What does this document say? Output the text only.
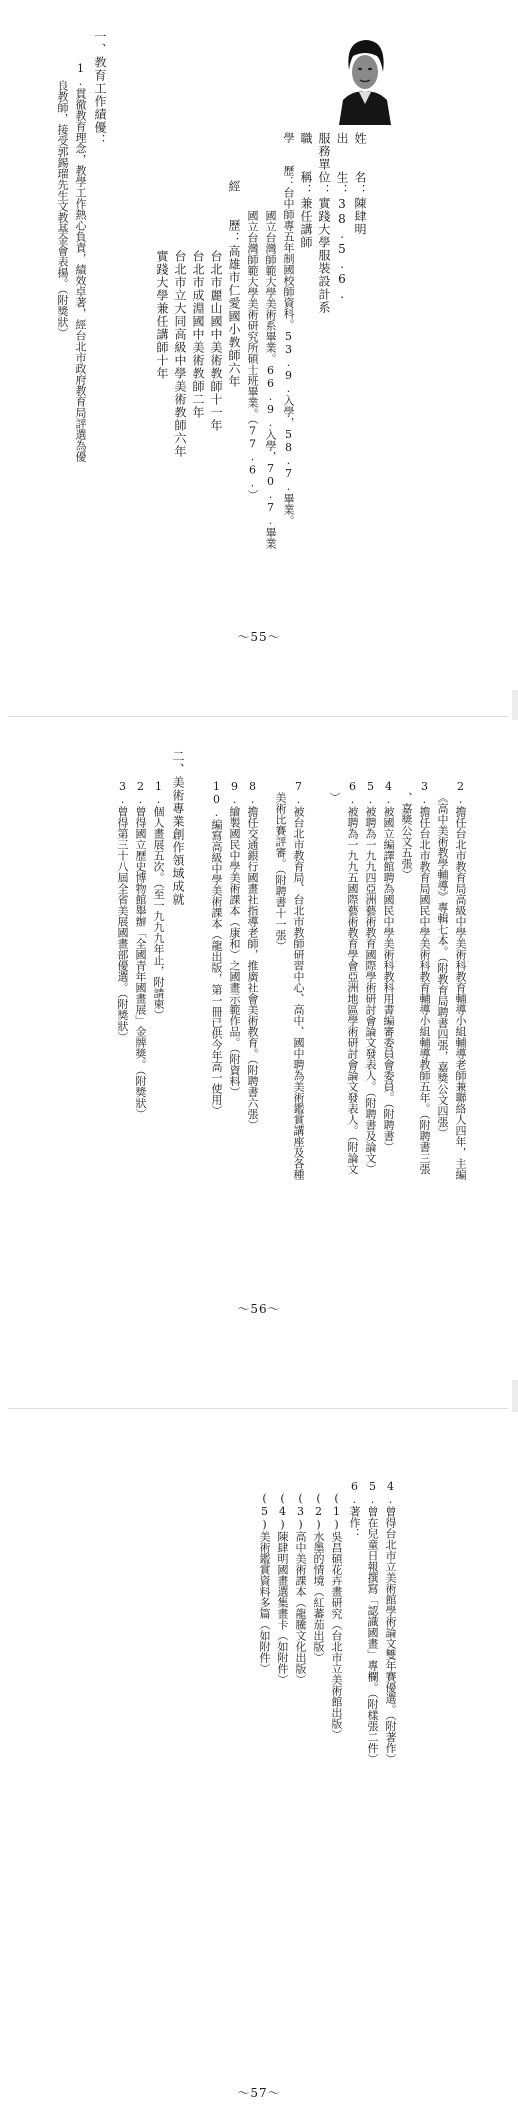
姓　　名：陳肆明
出　　生：38.5.6.
服務單位：實踐大學服裝設計系
職　　稱：兼任講師
學　　歷：台中師專五年制國校師資科。53.9.入學，58.7.畢業。
國立台灣師範大學美術系畢業。66.9.入學，70.7.畢業
國立台灣師範大學美術研究所碩士班畢業。（77.6.）
經　　歷：高雄市仁愛國小教師六年
台北市麗山國中美術教師十一年
台北市成淵國中美術教師二年
台北市立大同高級中學美術教師六年
實踐大學兼任講師十年
一、教育工作績優：
1.貫徹教育理念，教學工作熱心負責，績效卓著，經台北市政府教育局評選為優
良教師，接受郭錫瑠先生文教基金會表揚。（附獎狀）
～55～
2.擔任台北市教育局高級中學美術科教育輔導小組輔導老師兼聯絡人四年，主編
《高中美術教學輔導》專輯七本。（附教育局聘書四張，嘉獎公文四張）
3.擔任台北市教育局國民中學美術科教育輔導小組輔導教師五年。（附聘書三張
、嘉獎公文五張）
4.被國立編譯館聘為國民中學美術科教科用書編審委員會委員。（附聘書）
5.被聘為一九九四亞洲藝術教育國際學術研討會論文發表人。（附聘書及論文）
6.被聘為一九九五國際藝術教育學會亞洲地區學術研討會論文發表人。（附論文
）
7.被台北市教育局、台北市教師研習中心、高中、國中聘為美術鑑賞講座及各種
美術比賽評審。（附聘書十一張）
8.擔任交通銀行國畫社指導老師，推廣社會美術教育。（附聘書六張）
9.繪製國民中學美術課本（康和）之國畫示範作品。（附資料）
10.編寫高級中學美術課本（龍出版，第一冊已供今年高一使用）
二、美術專業創作領域成就
1.個人畫展五次。（至一九九九年止，附請柬）
2.曾得國立歷史博物館舉辦「全國青年國畫展」金牌獎。（附獎狀）
3.曾得第三十八屆全省美展國畫部優選。（附獎狀）
～56～
4.曾得台北市立美術館學術論文雙年賽優選。（附著作）
5.曾在兒童日報撰寫「認識國畫」專欄。（附樣張二件）
6.著作：
(1)吳昌碩花卉畫研究（台北市立美術館出版）
(2)水墨的情境（紅蕃茄出版）
(3)高中美術課本（龍騰文化出版）
(4)陳肆明國畫選集畫卡（如附件）
(5)美術鑑賞資料多篇（如附件）
～57～
